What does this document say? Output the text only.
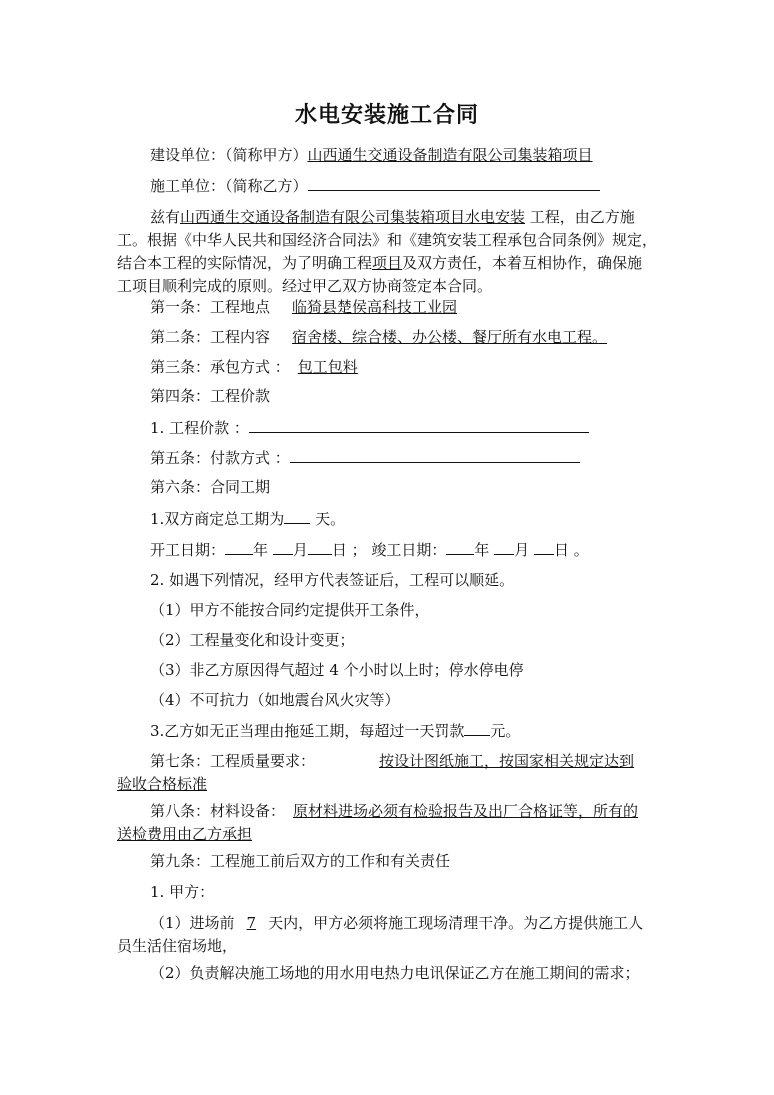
水电安装施工合同
建设单位：（简称甲方）山西通生交通设备制造有限公司集装箱项目
施工单位：（简称乙方）
兹有山西通生交通设备制造有限公司集装箱项目水电安装 工程，由乙方施
工。根据《中华人民共和国经济合同法》和《建筑安装工程承包合同条例》规定，
结合本工程的实际情况，为了明确工程项目及双方责任，本着互相协作，确保施
工项目顺利完成的原则。经过甲乙双方协商签定本合同。
第一条：工程地点 临猗县楚侯高科技工业园
第二条：工程内容 宿舍楼、综合楼、办公楼、餐厅所有水电工程。
第三条：承包方式 ： 包工包料
第四条：工程价款
1. 工程价款 ：
第五条：付款方式 ：
第六条：合同工期
1.双方商定总工期为 天。
开工日期： 年 月 日 ； 竣工日期： 年 月 日 。
2. 如遇下列情况，经甲方代表签证后，工程可以顺延。
（1）甲方不能按合同约定提供开工条件，
（2）工程量变化和设计变更；
（3）非乙方原因得气超过 4 个小时以上时；停水停电停
（4）不可抗力（如地震台风火灾等）
3.乙方如无正当理由拖延工期，每超过一天罚款 元。
第七条：工程质量要求：	按设计图纸施工，按国家相关规定达到
验收合格标准
第八条：材料设备： 原材料进场必须有检验报告及出厂合格证等，所有的
送检费用由乙方承担
第九条：工程施工前后双方的工作和有关责任
1. 甲方：
（1）进场前 7 天内，甲方必须将施工现场清理干净。为乙方提供施工人
员生活住宿场地，
（2）负责解决施工场地的用水用电热力电讯保证乙方在施工期间的需求；
